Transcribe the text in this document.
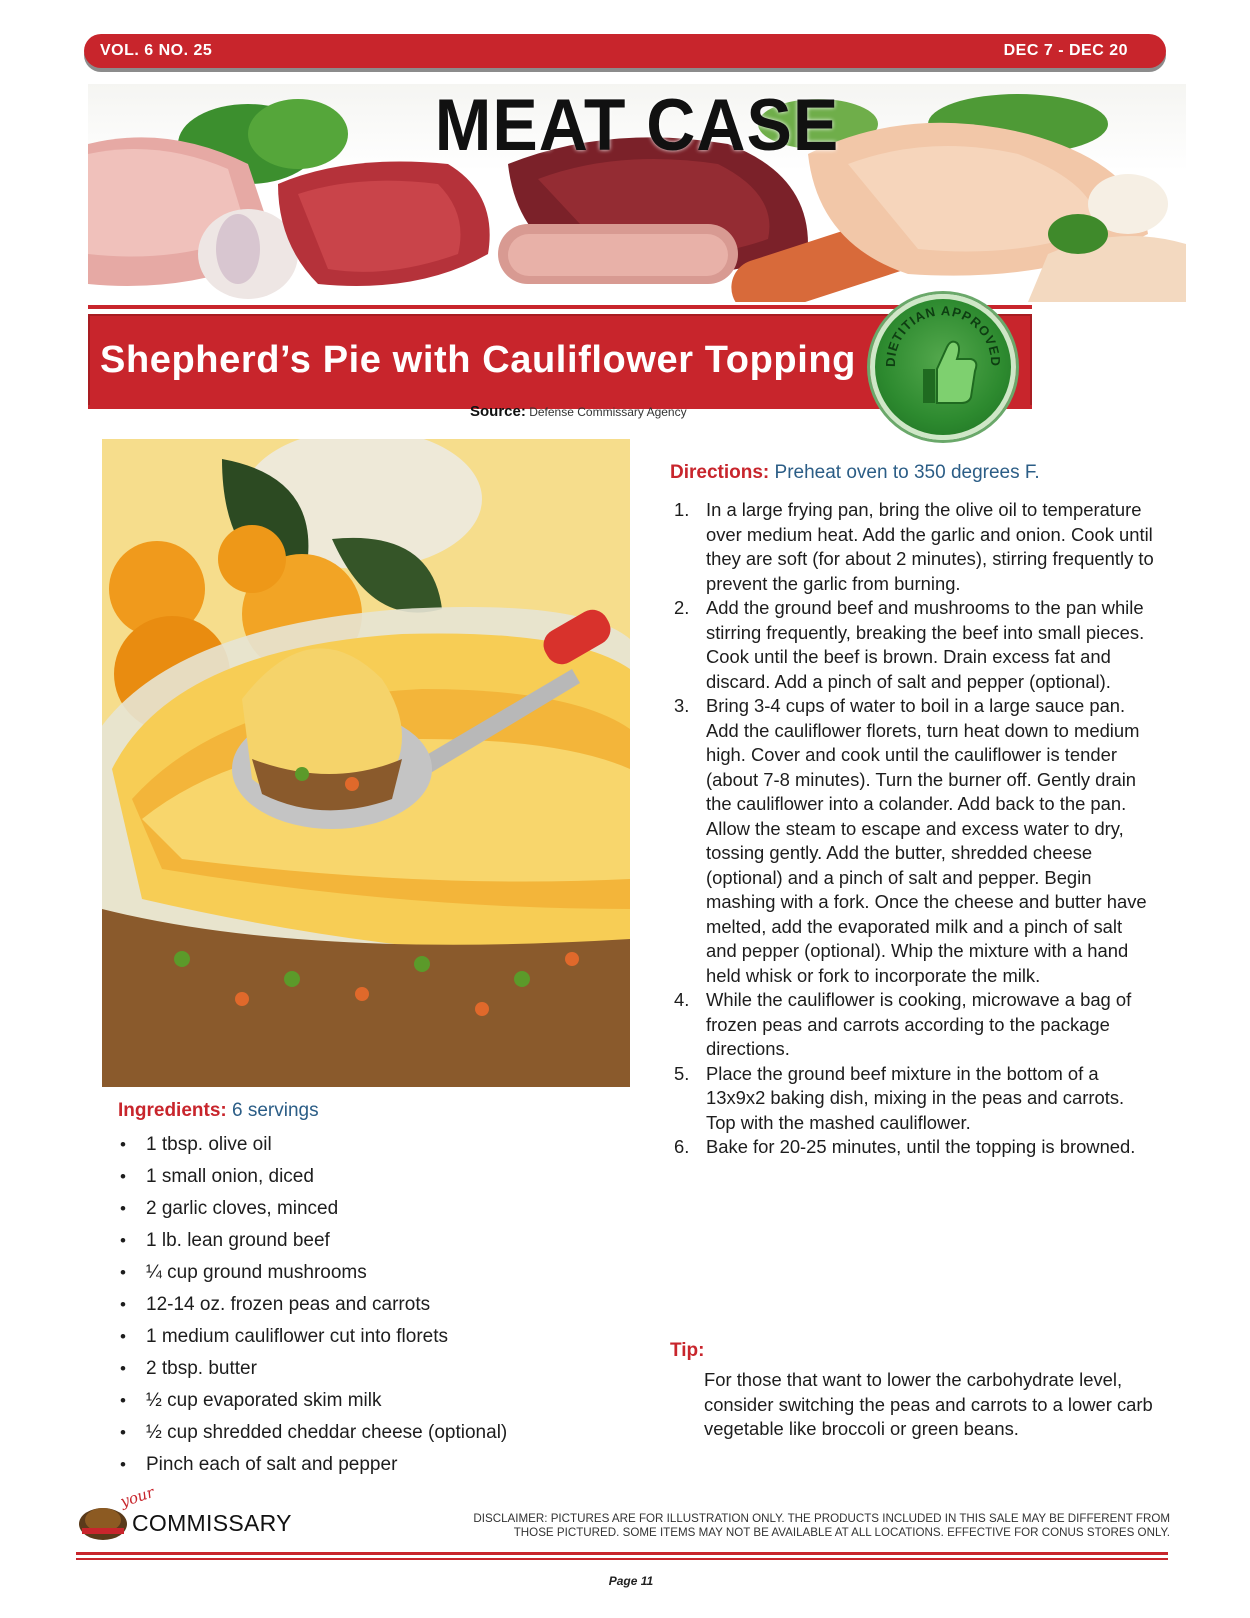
VOL. 6 NO. 25	DEC 7 - DEC 20
MEAT CASE
Shepherd’s Pie with Cauliflower Topping DIETITIAN APPROVED
Source: Defense Commissary Agency
Ingredients: 6 servings
• 1 tbsp. olive oil
• 1 small onion, diced
• 2 garlic cloves, minced
• 1 lb. lean ground beef
• ¼ cup ground mushrooms
• 12-14 oz. frozen peas and carrots
• 1 medium cauliflower cut into florets
• 2 tbsp. butter
• ½ cup evaporated skim milk
• ½ cup shredded cheddar cheese (optional)
• Pinch each of salt and pepper
Directions: Preheat oven to 350 degrees F.
1. In a large frying pan, bring the olive oil to temperature over medium heat. Add the garlic and onion. Cook until they are soft (for about 2 minutes), stirring frequently to prevent the garlic from burning.
2. Add the ground beef and mushrooms to the pan while stirring frequently, breaking the beef into small pieces. Cook until the beef is brown. Drain excess fat and discard. Add a pinch of salt and pepper (optional).
3. Bring 3-4 cups of water to boil in a large sauce pan. Add the cauliflower florets, turn heat down to medium high. Cover and cook until the cauliflower is tender (about 7-8 minutes). Turn the burner off. Gently drain the cauliflower into a colander. Add back to the pan. Allow the steam to escape and excess water to dry, tossing gently. Add the butter, shredded cheese (optional) and a pinch of salt and pepper. Begin mashing with a fork. Once the cheese and butter have melted, add the evaporated milk and a pinch of salt and pepper (optional). Whip the mixture with a hand held whisk or fork to incorporate the milk.
4. While the cauliflower is cooking, microwave a bag of frozen peas and carrots according to the package directions.
5. Place the ground beef mixture in the bottom of a 13x9x2 baking dish, mixing in the peas and carrots. Top with the mashed cauliflower.
6. Bake for 20-25 minutes, until the topping is browned.
Tip:
For those that want to lower the carbohydrate level, consider switching the peas and carrots to a lower carb vegetable like broccoli or green beans.
your
COMMISSARY	DISCLAIMER: PICTURES ARE FOR ILLUSTRATION ONLY. THE PRODUCTS INCLUDED IN THIS SALE MAY BE DIFFERENT FROM
THOSE PICTURED. SOME ITEMS MAY NOT BE AVAILABLE AT ALL LOCATIONS. EFFECTIVE FOR CONUS STORES ONLY.
Page 11
